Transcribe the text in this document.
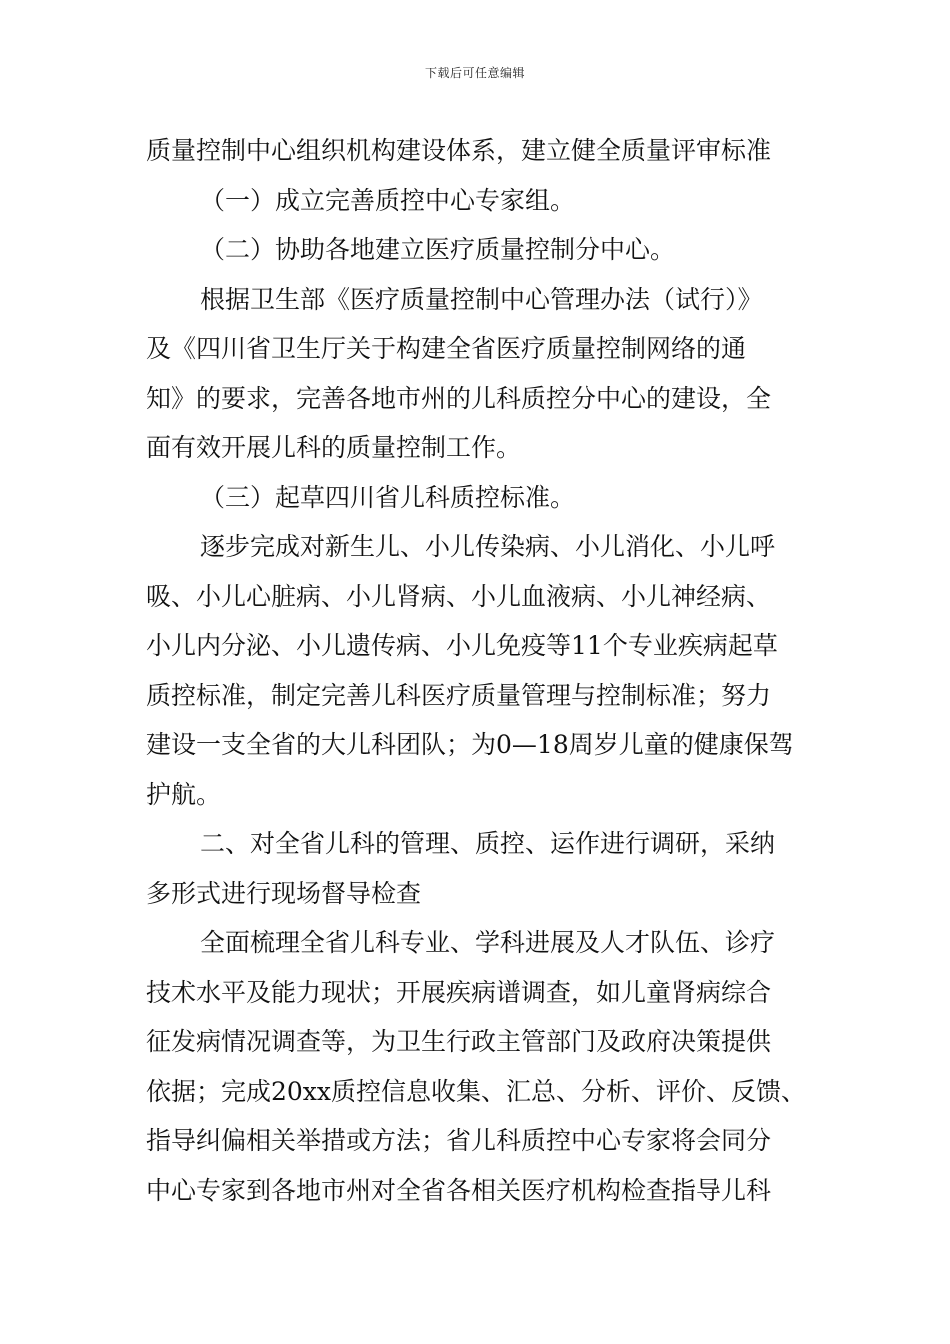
下载后可任意编辑
质量控制中心组织机构建设体系，建立健全质量评审标准
（一）成立完善质控中心专家组。
（二）协助各地建立医疗质量控制分中心。
根据卫生部《医疗质量控制中心管理办法（试行）》
及《四川省卫生厅关于构建全省医疗质量控制网络的通
知》的要求，完善各地市州的儿科质控分中心的建设，全
面有效开展儿科的质量控制工作。
（三）起草四川省儿科质控标准。
逐步完成对新生儿、小儿传染病、小儿消化、小儿呼
吸、小儿心脏病、小儿肾病、小儿血液病、小儿神经病、
小儿内分泌、小儿遗传病、小儿免疫等11个专业疾病起草
质控标准，制定完善儿科医疗质量管理与控制标准；努力
建设一支全省的大儿科团队；为0—18周岁儿童的健康保驾
护航。
二、对全省儿科的管理、质控、运作进行调研，采纳
多形式进行现场督导检查
全面梳理全省儿科专业、学科进展及人才队伍、诊疗
技术水平及能力现状；开展疾病谱调查，如儿童肾病综合
征发病情况调查等，为卫生行政主管部门及政府决策提供
依据；完成20xx质控信息收集、汇总、分析、评价、反馈、
指导纠偏相关举措或方法；省儿科质控中心专家将会同分
中心专家到各地市州对全省各相关医疗机构检查指导儿科
